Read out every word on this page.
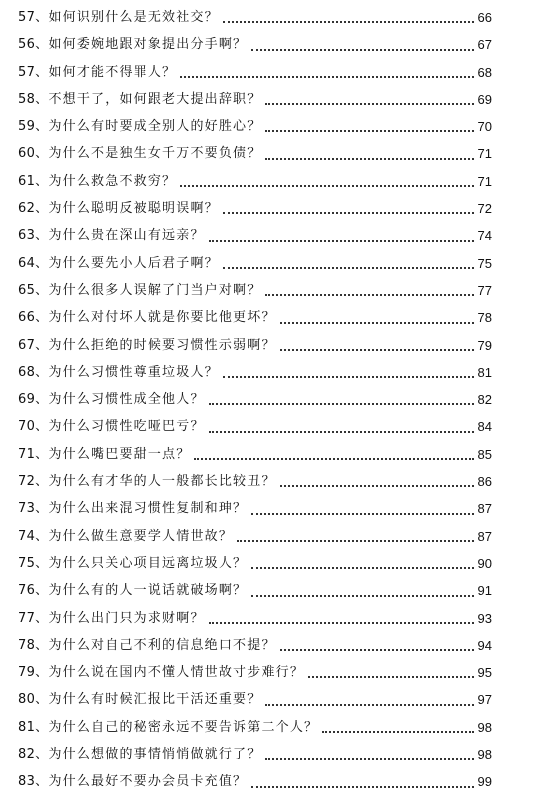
57、 如何识别什么是无效社交？	66
56、 如何委婉地跟对象提出分手啊？	67
57、 如何才能不得罪人？	68
58、 不想干了，如何跟老大提出辞职？	69
59、 为什么有时要成全别人的好胜心？	70
60、 为什么不是独生女千万不要负债？	71
61、 为什么救急不救穷？	71
62、 为什么聪明反被聪明误啊？	72
63、 为什么贵在深山有远亲？	74
64、 为什么要先小人后君子啊？	75
65、 为什么很多人误解了门当户对啊？	77
66、 为什么对付坏人就是你要比他更坏？	78
67、 为什么拒绝的时候要习惯性示弱啊？	79
68、 为什么习惯性尊重垃圾人？	81
69、 为什么习惯性成全他人？	82
70、 为什么习惯性吃哑巴亏？	84
71、 为什么嘴巴要甜一点？	85
72、 为什么有才华的人一般都长比较丑？	86
73、 为什么出来混习惯性复制和珅？	87
74、 为什么做生意要学人情世故？	87
75、 为什么只关心项目远离垃圾人？	90
76、 为什么有的人一说话就破场啊？	91
77、 为什么出门只为求财啊？	93
78、 为什么对自己不利的信息绝口不提？	94
79、 为什么说在国内不懂人情世故寸步难行？	95
80、 为什么有时候汇报比干活还重要？	97
81、 为什么自己的秘密永远不要告诉第二个人？	98
82、 为什么想做的事情悄悄做就行了？	98
83、 为什么最好不要办会员卡充值？	99
